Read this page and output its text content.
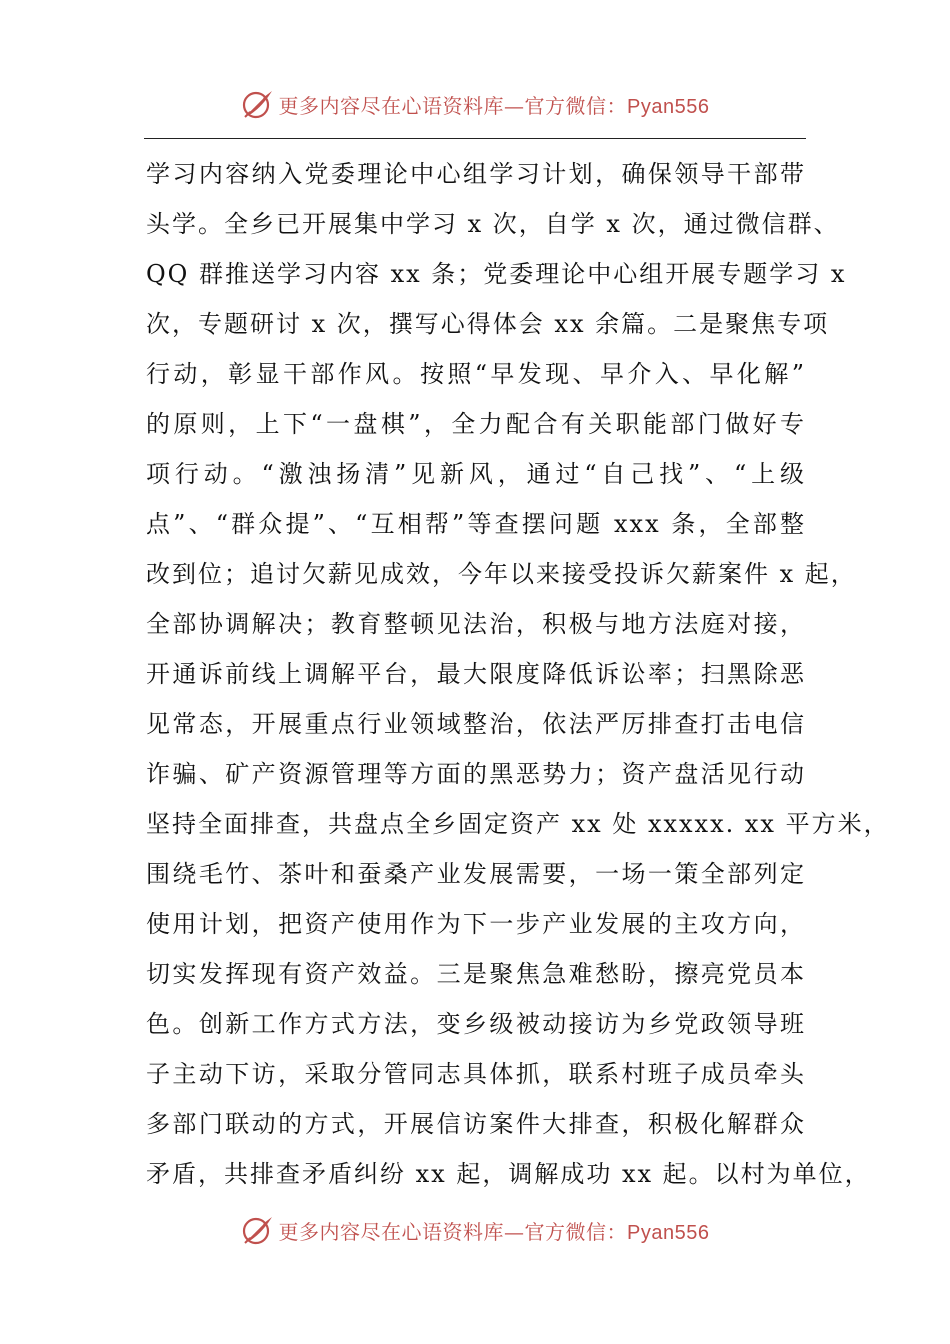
更多内容尽在心语资料库—官方微信：Pyan556
学习内容纳入党委理论中心组学习计划，确保领导干部带
头学。全乡已开展集中学习 x 次，自学 x 次，通过微信群、
QQ 群推送学习内容 xx 条；党委理论中心组开展专题学习 x
次，专题研讨 x 次，撰写心得体会 xx 余篇。二是聚焦专项
行动，彰显干部作风。按照“早发现、早介入、早化解”
的原则，上下“一盘棋”，全力配合有关职能部门做好专
项行动。“激浊扬清”见新风，通过“自己找”、“上级
点”、“群众提”、“互相帮”等查摆问题 xxx 条，全部整
改到位；追讨欠薪见成效，今年以来接受投诉欠薪案件 x 起，
全部协调解决；教育整顿见法治，积极与地方法庭对接，
开通诉前线上调解平台，最大限度降低诉讼率；扫黑除恶
见常态，开展重点行业领域整治，依法严厉排查打击电信
诈骗、矿产资源管理等方面的黑恶势力；资产盘活见行动
坚持全面排查，共盘点全乡固定资产 xx 处 xxxxx. xx 平方米，
围绕毛竹、茶叶和蚕桑产业发展需要，一场一策全部列定
使用计划，把资产使用作为下一步产业发展的主攻方向，
切实发挥现有资产效益。三是聚焦急难愁盼，擦亮党员本
色。创新工作方式方法，变乡级被动接访为乡党政领导班
子主动下访，采取分管同志具体抓，联系村班子成员牵头
多部门联动的方式，开展信访案件大排查，积极化解群众
矛盾，共排查矛盾纠纷 xx 起，调解成功 xx 起。以村为单位，
更多内容尽在心语资料库—官方微信：Pyan556
